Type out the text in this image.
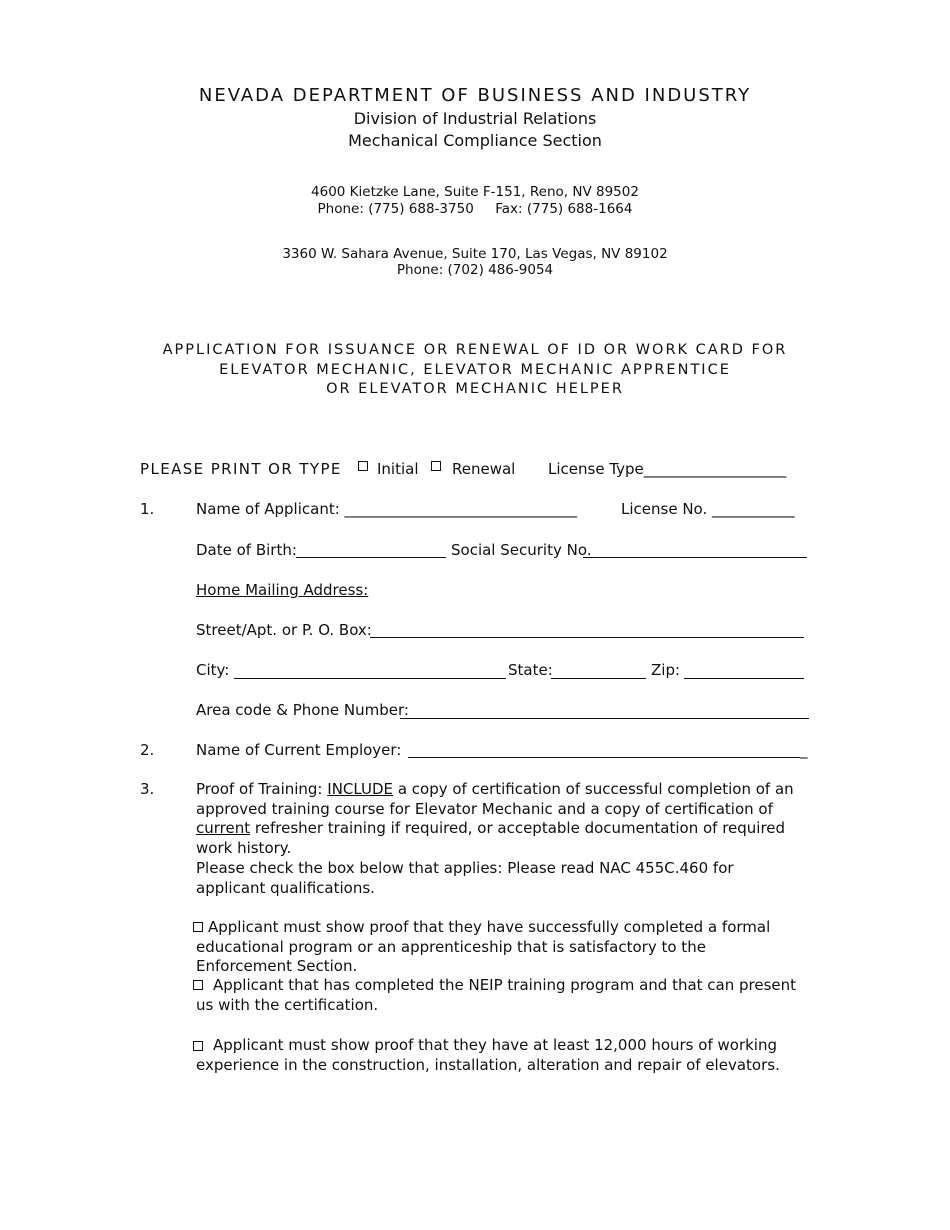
NEVADA DEPARTMENT OF BUSINESS AND INDUSTRY
Division of Industrial Relations
Mechanical Compliance Section
4600 Kietzke Lane, Suite F-151, Reno, NV 89502
Phone: (775) 688-3750 Fax: (775) 688-1664
3360 W. Sahara Avenue, Suite 170, Las Vegas, NV 89102
Phone: (702) 486-9054
APPLICATION FOR ISSUANCE OR RENEWAL OF ID OR WORK CARD FOR
ELEVATOR MECHANIC, ELEVATOR MECHANIC APPRENTICE
OR ELEVATOR MECHANIC HELPER
PLEASE PRINT OR TYPE Initial Renewal License Type___________________
1.	Name of Applicant: _______________________________	License No. ___________
Date of Birth:	Social Security No.
Home Mailing Address:
Street/Apt. or P. O. Box:
City:	State:	Zip:
Area code & Phone Number:
2.	Name of Current Employer:	_
3.	Proof of Training: INCLUDE a copy of certification of successful completion of an approved training course for Elevator Mechanic and a copy of certification of current refresher training if required, or acceptable documentation of required work history.
Please check the box below that applies: Please read NAC 455C.460 for applicant qualifications.
Applicant must show proof that they have successfully completed a formal educational program or an apprenticeship that is satisfactory to the Enforcement Section.
Applicant that has completed the NEIP training program and that can present us with the certification.
Applicant must show proof that they have at least 12,000 hours of working experience in the construction, installation, alteration and repair of elevators.
